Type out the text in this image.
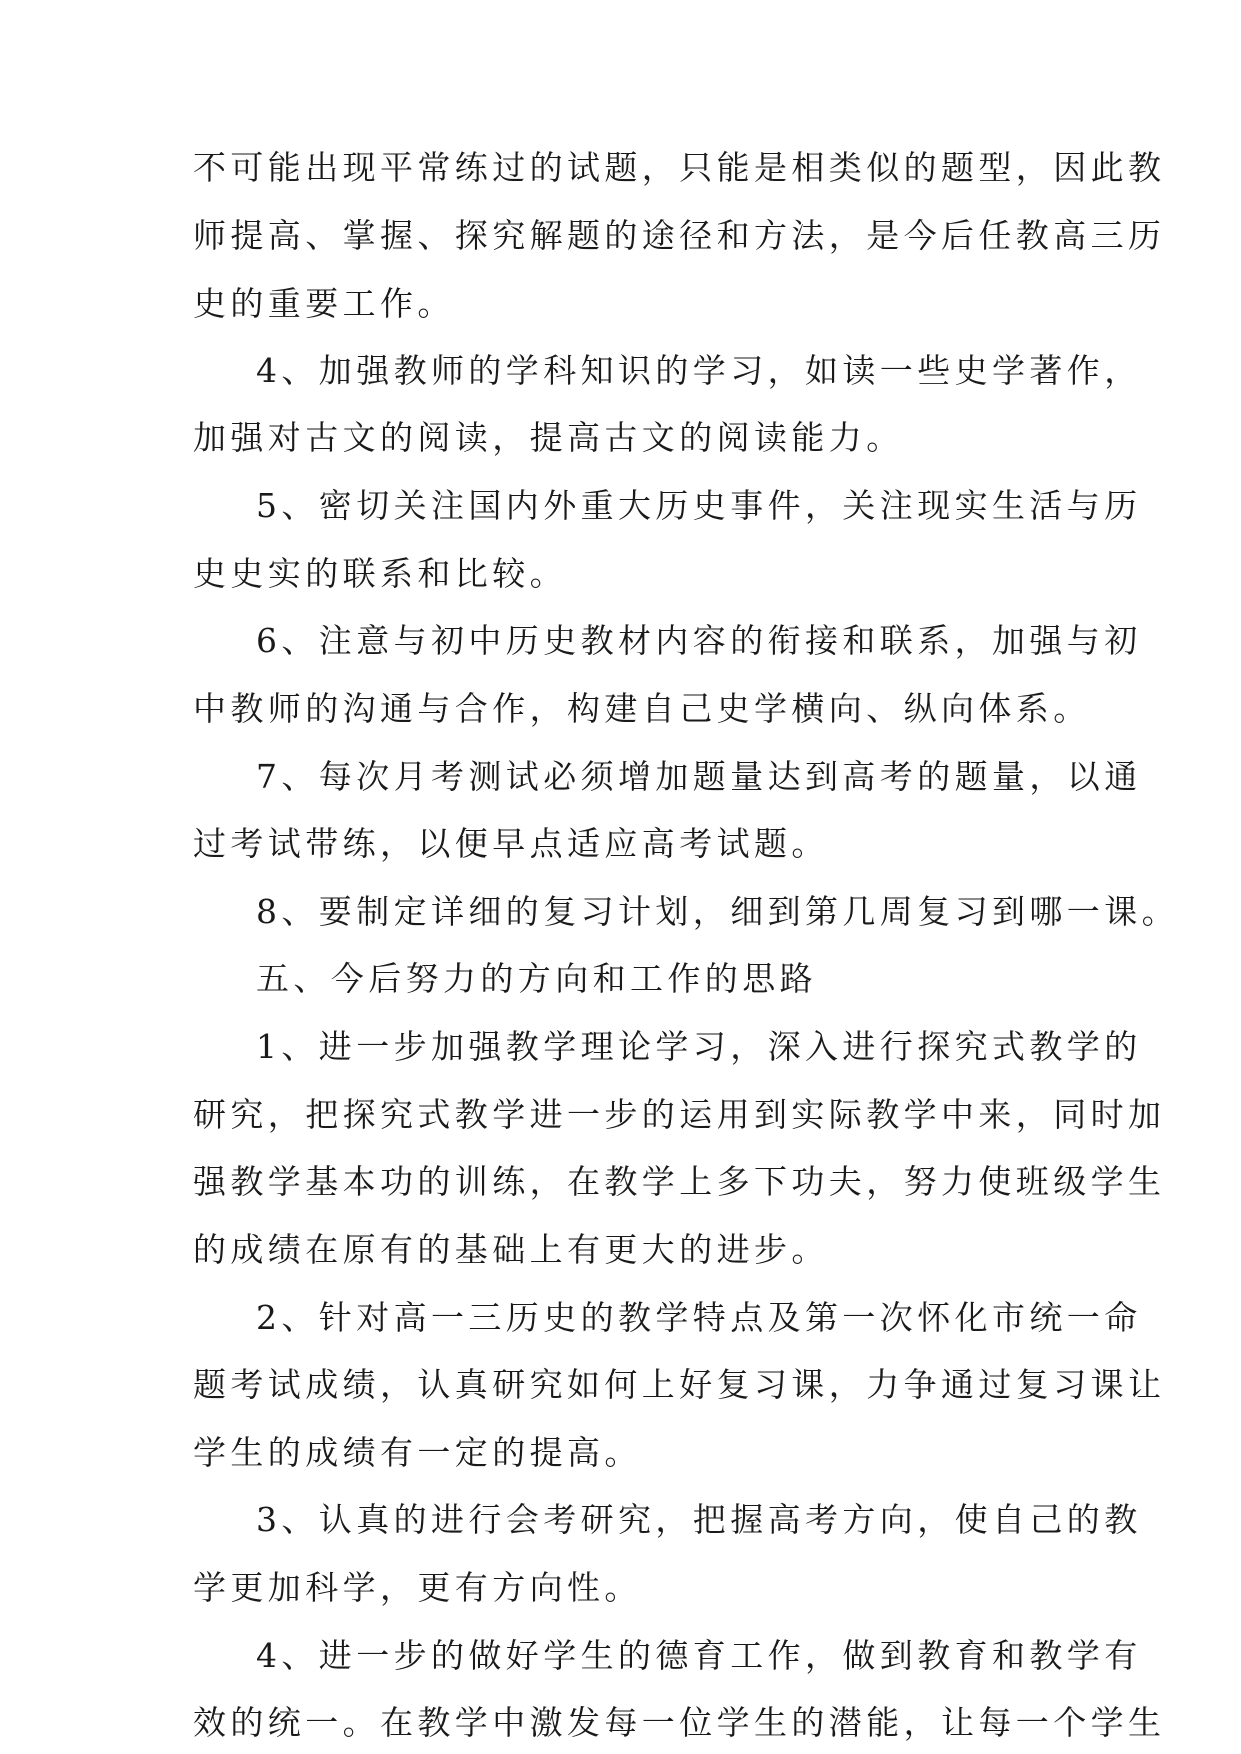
不可能出现平常练过的试题，只能是相类似的题型，因此教
师提高、掌握、探究解题的途径和方法，是今后任教高三历
史的重要工作。
4、加强教师的学科知识的学习，如读一些史学著作，
加强对古文的阅读，提高古文的阅读能力。
5、密切关注国内外重大历史事件，关注现实生活与历
史史实的联系和比较。
6、注意与初中历史教材内容的衔接和联系，加强与初
中教师的沟通与合作，构建自己史学横向、纵向体系。
7、每次月考测试必须增加题量达到高考的题量，以通
过考试带练，以便早点适应高考试题。
8、要制定详细的复习计划，细到第几周复习到哪一课。
五、今后努力的方向和工作的思路
1、进一步加强教学理论学习，深入进行探究式教学的
研究，把探究式教学进一步的运用到实际教学中来，同时加
强教学基本功的训练，在教学上多下功夫，努力使班级学生
的成绩在原有的基础上有更大的进步。
2、针对高一三历史的教学特点及第一次怀化市统一命
题考试成绩，认真研究如何上好复习课，力争通过复习课让
学生的成绩有一定的提高。
3、认真的进行会考研究，把握高考方向，使自己的教
学更加科学，更有方向性。
4、进一步的做好学生的德育工作，做到教育和教学有
效的统一。在教学中激发每一位学生的潜能，让每一个学生
